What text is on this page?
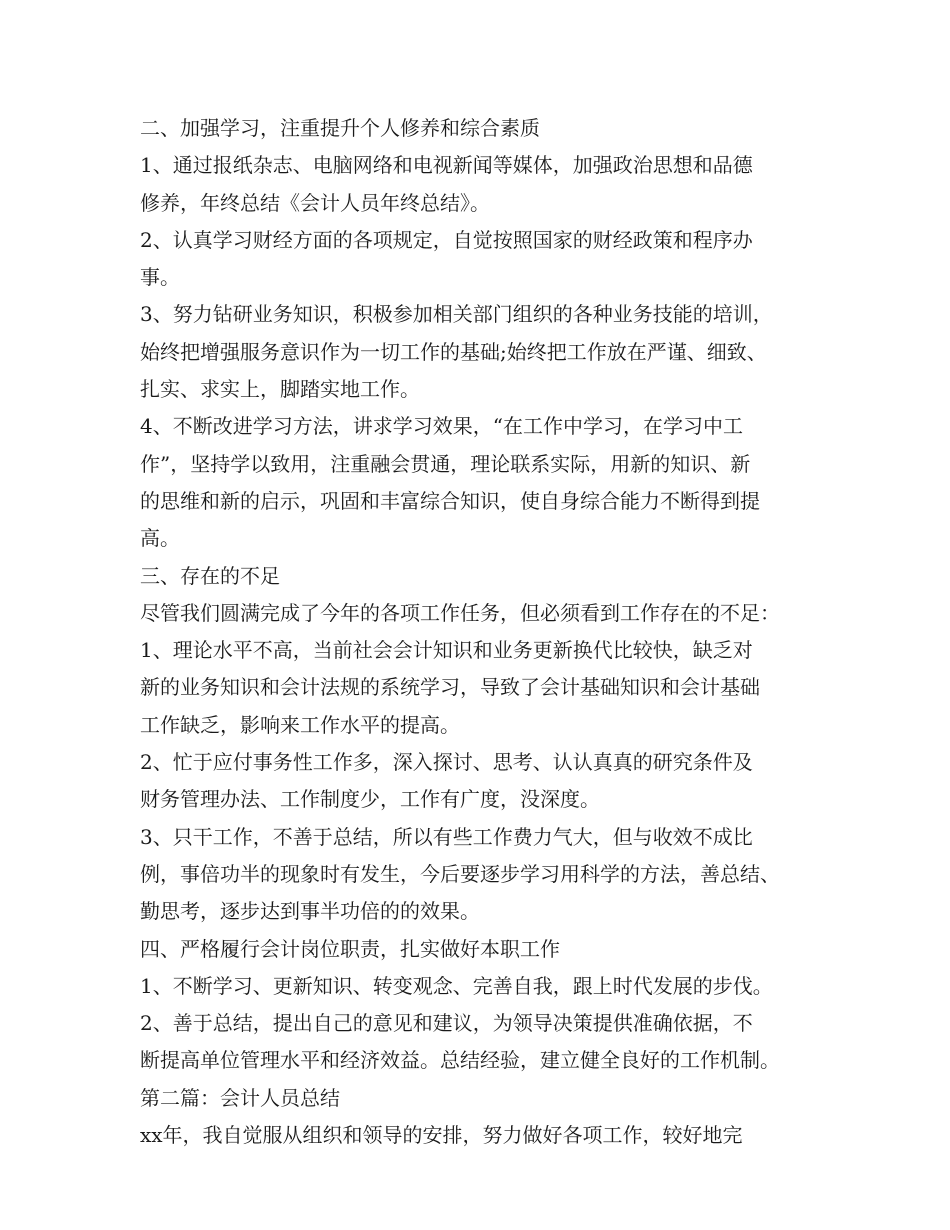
二、加强学习，注重提升个人修养和综合素质
1、通过报纸杂志、电脑网络和电视新闻等媒体，加强政治思想和品德
修养，年终总结《会计人员年终总结》。
2、认真学习财经方面的各项规定，自觉按照国家的财经政策和程序办
事。
3、努力钻研业务知识，积极参加相关部门组织的各种业务技能的培训，
始终把增强服务意识作为一切工作的基础;始终把工作放在严谨、细致、
扎实、求实上，脚踏实地工作。
4、不断改进学习方法，讲求学习效果，“在工作中学习，在学习中工
作”，坚持学以致用，注重融会贯通，理论联系实际，用新的知识、新
的思维和新的启示，巩固和丰富综合知识，使自身综合能力不断得到提
高。
三、存在的不足
尽管我们圆满完成了今年的各项工作任务，但必须看到工作存在的不足：
1、理论水平不高，当前社会会计知识和业务更新换代比较快，缺乏对
新的业务知识和会计法规的系统学习，导致了会计基础知识和会计基础
工作缺乏，影响来工作水平的提高。
2、忙于应付事务性工作多，深入探讨、思考、认认真真的研究条件及
财务管理办法、工作制度少，工作有广度，没深度。
3、只干工作，不善于总结，所以有些工作费力气大，但与收效不成比
例，事倍功半的现象时有发生，今后要逐步学习用科学的方法，善总结、
勤思考，逐步达到事半功倍的的效果。
四、严格履行会计岗位职责，扎实做好本职工作
1、不断学习、更新知识、转变观念、完善自我，跟上时代发展的步伐。
2、善于总结，提出自己的意见和建议，为领导决策提供准确依据，不
断提高单位管理水平和经济效益。总结经验，建立健全良好的工作机制。
第二篇：会计人员总结
xx年，我自觉服从组织和领导的安排，努力做好各项工作，较好地完
